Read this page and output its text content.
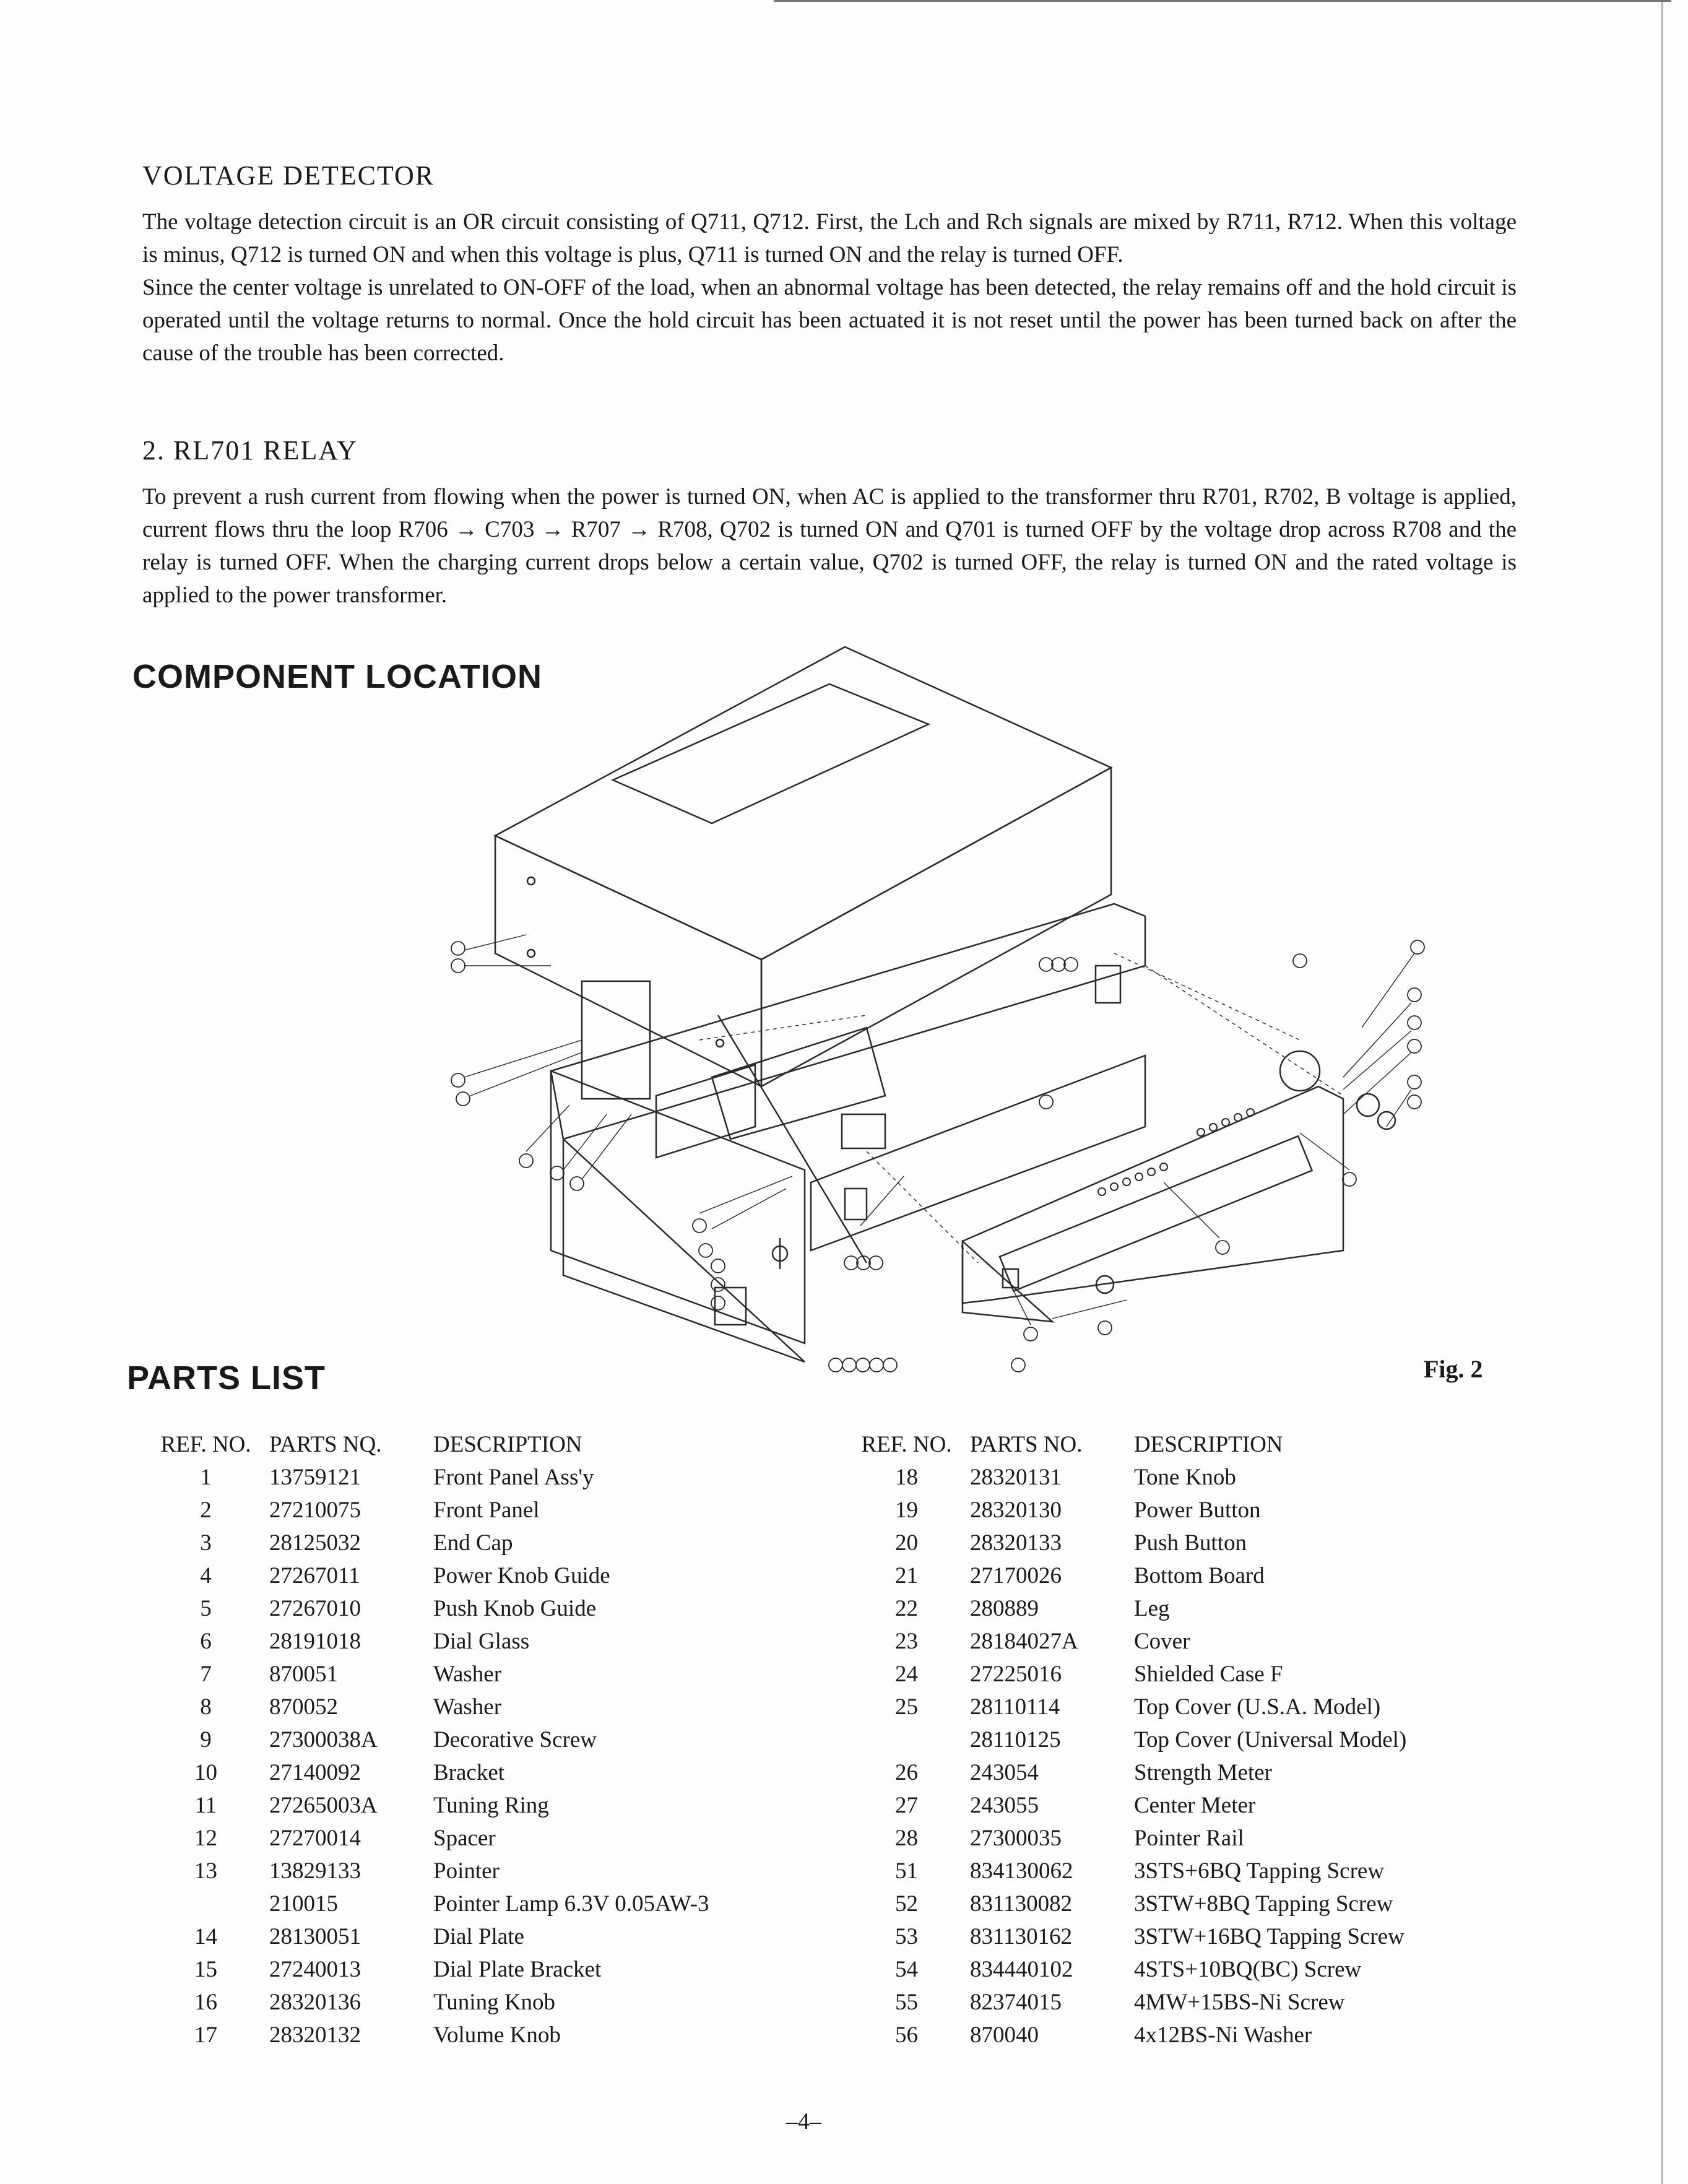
VOLTAGE DETECTOR

The voltage detection circuit is an OR circuit consisting of Q711, Q712. First, the Lch and Rch signals are mixed by R711, R712. When this voltage is minus, Q712 is turned ON and when this voltage is plus, Q711 is turned ON and the relay is turned OFF.

Since the center voltage is unrelated to ON-OFF of the load, when an abnormal voltage has been detected, the relay remains off and the hold circuit is operated until the voltage returns to normal. Once the hold circuit has been actuated it is not reset until the power has been turned back on after the cause of the trouble has been corrected.

2. RL701 RELAY

To prevent a rush current from flowing when the power is turned ON, when AC is applied to the transformer thru R701, R702, B voltage is applied, current flows thru the loop R706 → C703 → R707 → R708, Q702 is turned ON and Q701 is turned OFF by the voltage drop across R708 and the relay is turned OFF. When the charging current drops below a certain value, Q702 is turned OFF, the relay is turned ON and the rated voltage is applied to the power transformer.

COMPONENT LOCATION
Fig. 2
PARTS LIST
REF. NO.	PARTS NQ.	DESCRIPTION
1	13759121	Front Panel Ass'y
2	27210075	Front Panel
3	28125032	End Cap
4	27267011	Power Knob Guide
5	27267010	Push Knob Guide
6	28191018	Dial Glass
7	870051	Washer
8	870052	Washer
9	27300038A	Decorative Screw
10	27140092	Bracket
11	27265003A	Tuning Ring
12	27270014	Spacer
13	13829133	Pointer
	210015	Pointer Lamp 6.3V 0.05AW-3
14	28130051	Dial Plate
15	27240013	Dial Plate Bracket
16	28320136	Tuning Knob
17	28320132	Volume Knob
REF. NO.	PARTS NO.	DESCRIPTION
18	28320131	Tone Knob
19	28320130	Power Button
20	28320133	Push Button
21	27170026	Bottom Board
22	280889	Leg
23	28184027A	Cover
24	27225016	Shielded Case F
25	28110114	Top Cover (U.S.A. Model)
	28110125	Top Cover (Universal Model)
26	243054	Strength Meter
27	243055	Center Meter
28	27300035	Pointer Rail
51	834130062	3STS+6BQ Tapping Screw
52	831130082	3STW+8BQ Tapping Screw
53	831130162	3STW+16BQ Tapping Screw
54	834440102	4STS+10BQ(BC) Screw
55	82374015	4MW+15BS-Ni Screw
56	870040	4x12BS-Ni Washer
–4–
